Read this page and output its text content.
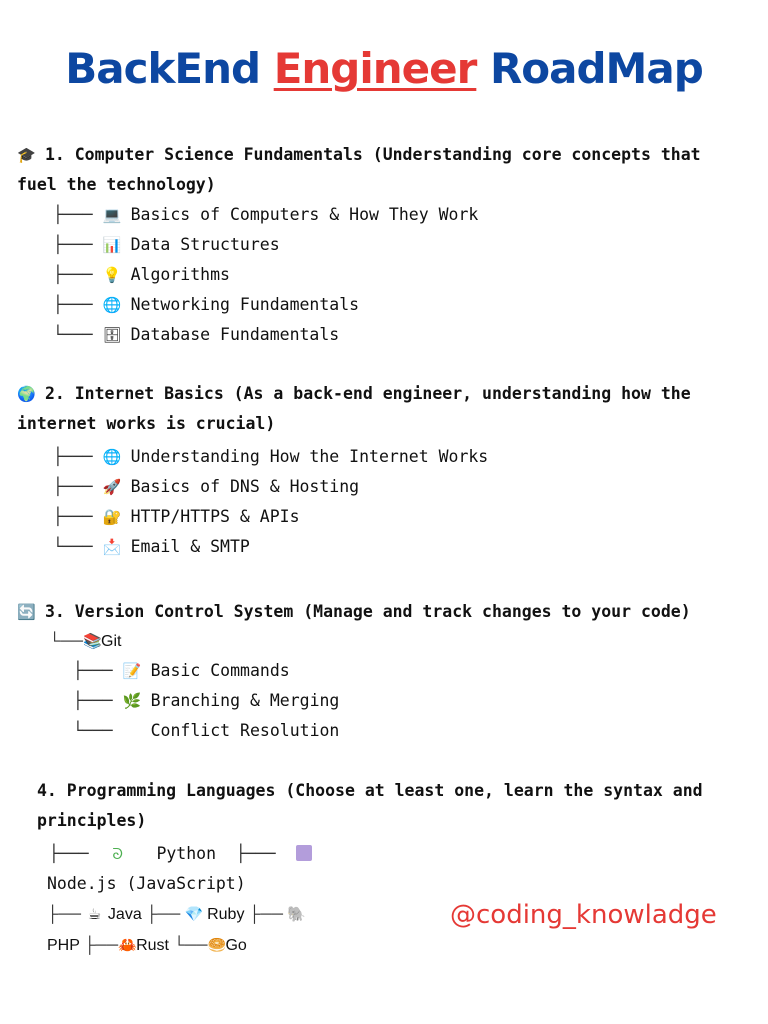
BackEnd Engineer RoadMap
🎓 1. Computer Science Fundamentals (Understanding core concepts that fuel the technology)
├─── 💻 Basics of Computers & How They Work
├─── 📊 Data Structures
├─── 💡 Algorithms
├─── 🌐 Networking Fundamentals
└─── 🗄 Database Fundamentals
🌍 2. Internet Basics (As a back-end engineer, understanding how the internet works is crucial)
├─── 🌐 Understanding How the Internet Works
├─── 🚀 Basics of DNS & Hosting
├─── 🔐 HTTP/HTTPS & APIs
└─── 📩 Email & SMTP
🔄 3. Version Control System (Manage and track changes to your code)
└──📚Git
├─── 📝 Basic Commands
├─── 🌿 Branching & Merging
└─── Conflict Resolution
4. Programming Languages (Choose at least one, learn the syntax and principles)
├─── ᘐ Python ├───
Node.js (JavaScript)
├── ☕ Java ├── 💎 Ruby ├── 🐘
PHP ├──🦀Rust └──🥯Go
@coding_knowladge
